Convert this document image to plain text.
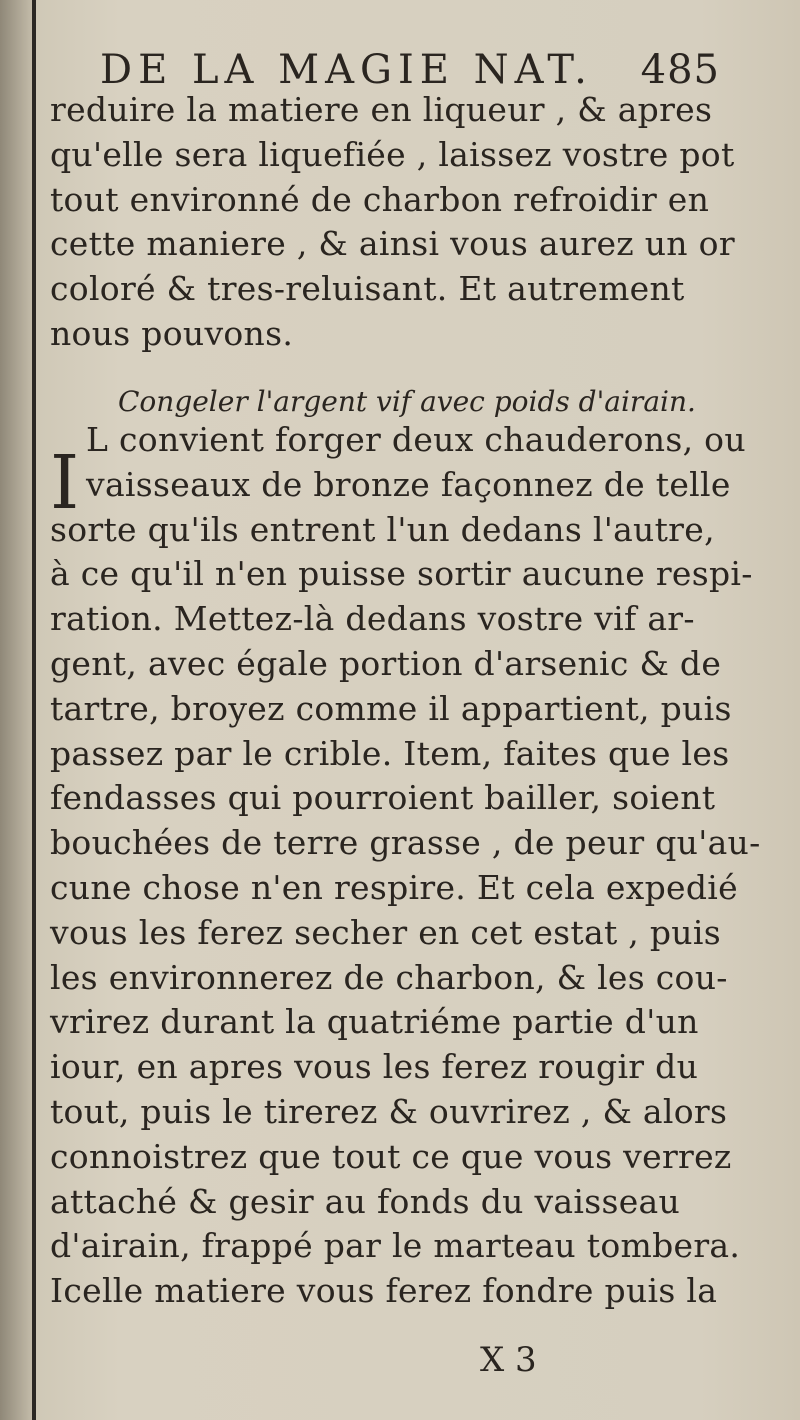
DE LA MAGIE NAT. 485

reduire la matiere en liqueur , & apres

qu'elle sera liquefiée , laissez vostre pot

tout environné de charbon refroidir en

cette maniere , & ainsi vous aurez un or

coloré & tres-reluisant. Et autrement

nous pouvons.

Congeler l'argent vif avec poids d'airain.
I

L convient forger deux chauderons, ou

vaisseaux de bronze façonnez de telle

sorte qu'ils entrent l'un dedans l'autre,

à ce qu'il n'en puisse sortir aucune respi-

ration. Mettez-là dedans vostre vif ar-

gent, avec égale portion d'arsenic & de

tartre, broyez comme il appartient, puis

passez par le crible. Item, faites que les

fendasses qui pourroient bailler, soient

bouchées de terre grasse , de peur qu'au-

cune chose n'en respire. Et cela expedié

vous les ferez secher en cet estat , puis

les environnerez de charbon, & les cou-

vrirez durant la quatriéme partie d'un

iour, en apres vous les ferez rougir du

tout, puis le tirerez & ouvrirez , & alors

connoistrez que tout ce que vous verrez

attaché & gesir au fonds du vaisseau

d'airain, frappé par le marteau tombera.

Icelle matiere vous ferez fondre puis la

X 3
